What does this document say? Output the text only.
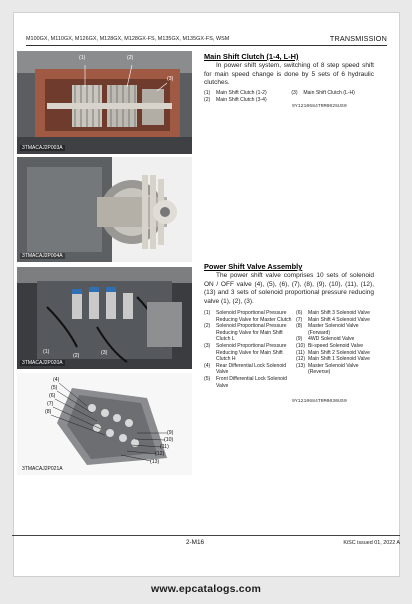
M100GX, M110GX, M126GX, M128GX, M128GX-FS, M135GX, M135GX-FS, WSM	TRANSMISSION
(1)	(2)
(3)
3TMACAJ2P003A
3TMACAJ2P004A
(1)
(2)	(3)
3TMACAJ2P020A
(4)
(5)
(6)
(7)
(8)
(9)
(10)
(11)
(12)
(13)
3TMACAJ2P021A
Main Shift Clutch (1-4, L-H)
In power shift system, switching of 8 step speed shift for main speed change is done by 5 sets of 6 hydraulic clutches.
(1)	Main Shift Clutch (1-2)	(3)	Main Shift Clutch (L-H)
(2)	Main Shift Clutch (3-4)		
9Y1210684TRM0025US0
Power Shift Valve Assembly
The power shift valve comprises 10 sets of solenoid ON / OFF valve (4), (5), (6), (7), (8), (9), (10), (11), (12), (13) and 3 sets of solenoid proportional pressure reducing valve (1), (2), (3).
(1)	Solenoid Proportional Pressure Reducing Valve for Master Clutch
(2)	Solenoid Proportional Pressure Reducing Valve for Main Shift Clutch L
(3)	Solenoid Proportional Pressure Reducing Valve for Main Shift Clutch H
(4)	Rear Differential Lock Solenoid Valve
(5)	Front Differential Lock Solenoid Valve

(6)	Main Shift 3 Solenoid Valve
(7)	Main Shift 4 Solenoid Valve
(8)	Master Solenoid Valve (Forward)
(9)	4WD Solenoid Valve
(10)	Bi-speed Solenoid Valve
(11)	Main Shift 2 Solenoid Valve
(12)	Main Shift 1 Solenoid Valve
(13)	Master Solenoid Valve (Reverse)
9Y1210684TRM0030US0
2-M16	KiSC issued 01, 2022 A
www.epcatalogs.com
